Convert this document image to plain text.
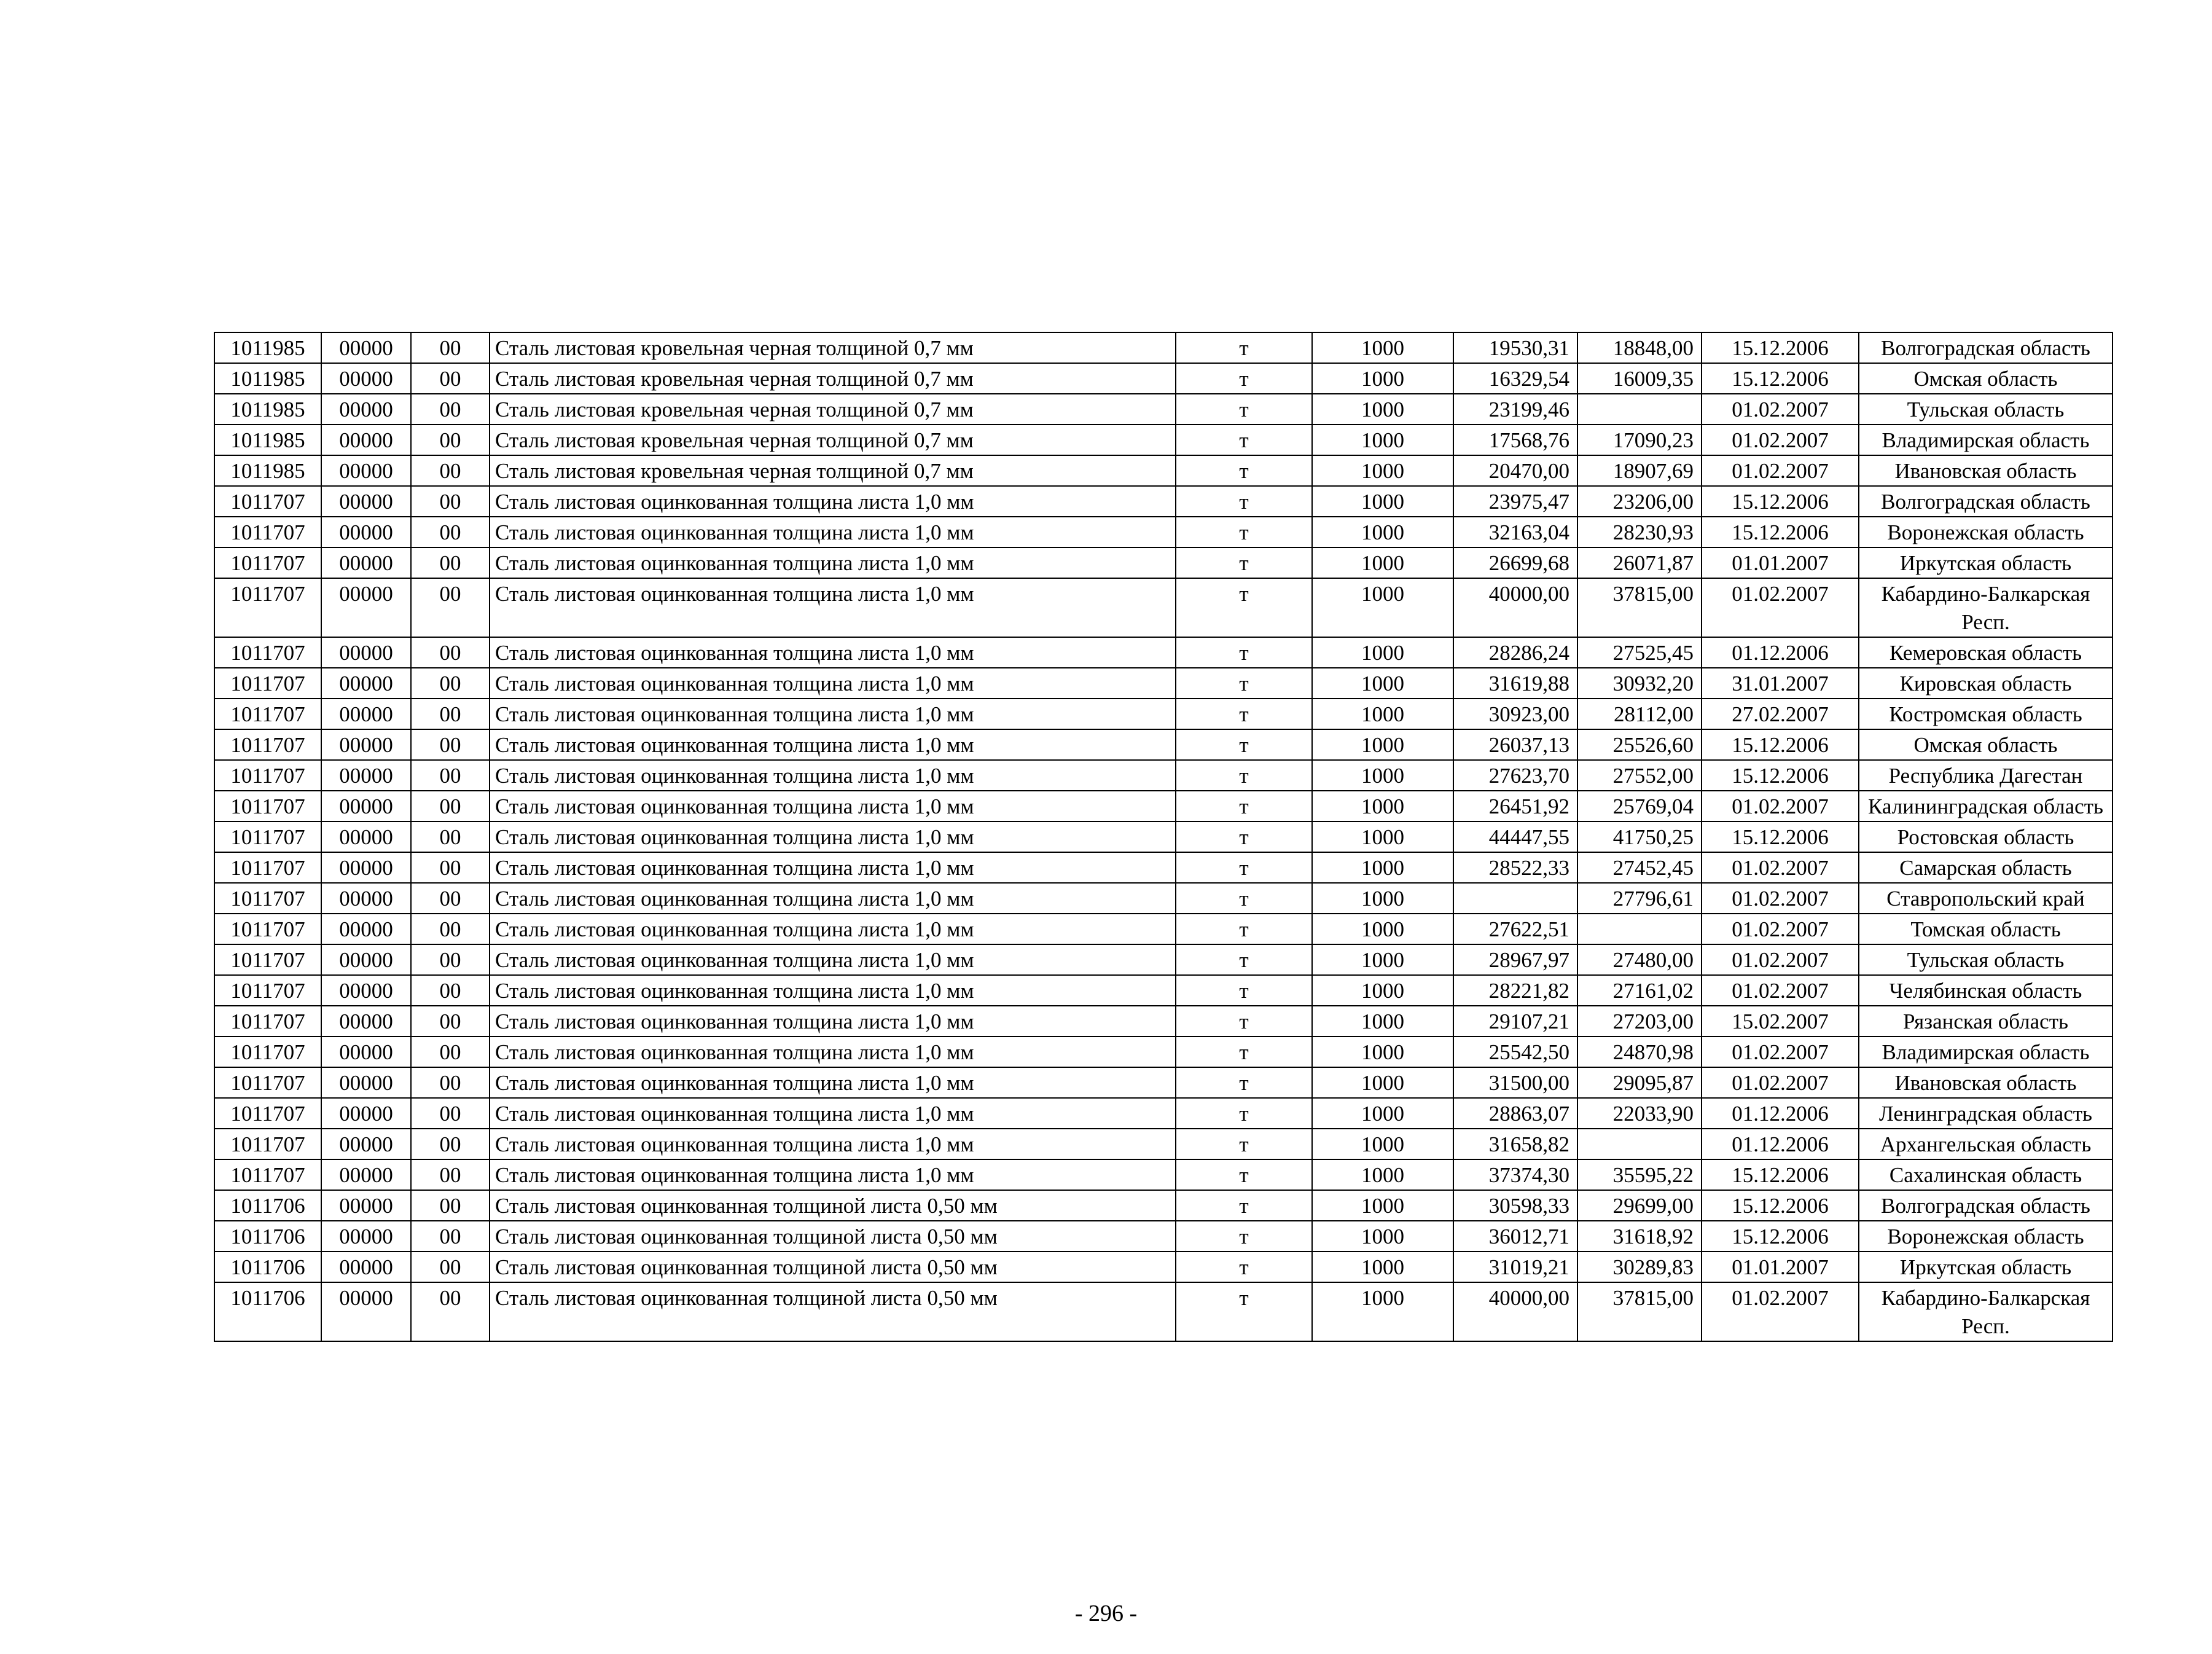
1011985	00000	00	Сталь листовая кровельная черная толщиной 0,7 мм	т	1000	19530,31	18848,00	15.12.2006	Волгоградская область
1011985	00000	00	Сталь листовая кровельная черная толщиной 0,7 мм	т	1000	16329,54	16009,35	15.12.2006	Омская область
1011985	00000	00	Сталь листовая кровельная черная толщиной 0,7 мм	т	1000	23199,46		01.02.2007	Тульская область
1011985	00000	00	Сталь листовая кровельная черная толщиной 0,7 мм	т	1000	17568,76	17090,23	01.02.2007	Владимирская область
1011985	00000	00	Сталь листовая кровельная черная толщиной 0,7 мм	т	1000	20470,00	18907,69	01.02.2007	Ивановская область
1011707	00000	00	Сталь листовая оцинкованная толщина листа 1,0 мм	т	1000	23975,47	23206,00	15.12.2006	Волгоградская область
1011707	00000	00	Сталь листовая оцинкованная толщина листа 1,0 мм	т	1000	32163,04	28230,93	15.12.2006	Воронежская область
1011707	00000	00	Сталь листовая оцинкованная толщина листа 1,0 мм	т	1000	26699,68	26071,87	01.01.2007	Иркутская область
1011707	00000	00	Сталь листовая оцинкованная толщина листа 1,0 мм	т	1000	40000,00	37815,00	01.02.2007	Кабардино-Балкарская Респ.
1011707	00000	00	Сталь листовая оцинкованная толщина листа 1,0 мм	т	1000	28286,24	27525,45	01.12.2006	Кемеровская область
1011707	00000	00	Сталь листовая оцинкованная толщина листа 1,0 мм	т	1000	31619,88	30932,20	31.01.2007	Кировская область
1011707	00000	00	Сталь листовая оцинкованная толщина листа 1,0 мм	т	1000	30923,00	28112,00	27.02.2007	Костромская область
1011707	00000	00	Сталь листовая оцинкованная толщина листа 1,0 мм	т	1000	26037,13	25526,60	15.12.2006	Омская область
1011707	00000	00	Сталь листовая оцинкованная толщина листа 1,0 мм	т	1000	27623,70	27552,00	15.12.2006	Республика Дагестан
1011707	00000	00	Сталь листовая оцинкованная толщина листа 1,0 мм	т	1000	26451,92	25769,04	01.02.2007	Калининградская область
1011707	00000	00	Сталь листовая оцинкованная толщина листа 1,0 мм	т	1000	44447,55	41750,25	15.12.2006	Ростовская область
1011707	00000	00	Сталь листовая оцинкованная толщина листа 1,0 мм	т	1000	28522,33	27452,45	01.02.2007	Самарская область
1011707	00000	00	Сталь листовая оцинкованная толщина листа 1,0 мм	т	1000		27796,61	01.02.2007	Ставропольский край
1011707	00000	00	Сталь листовая оцинкованная толщина листа 1,0 мм	т	1000	27622,51		01.02.2007	Томская область
1011707	00000	00	Сталь листовая оцинкованная толщина листа 1,0 мм	т	1000	28967,97	27480,00	01.02.2007	Тульская область
1011707	00000	00	Сталь листовая оцинкованная толщина листа 1,0 мм	т	1000	28221,82	27161,02	01.02.2007	Челябинская область
1011707	00000	00	Сталь листовая оцинкованная толщина листа 1,0 мм	т	1000	29107,21	27203,00	15.02.2007	Рязанская область
1011707	00000	00	Сталь листовая оцинкованная толщина листа 1,0 мм	т	1000	25542,50	24870,98	01.02.2007	Владимирская область
1011707	00000	00	Сталь листовая оцинкованная толщина листа 1,0 мм	т	1000	31500,00	29095,87	01.02.2007	Ивановская область
1011707	00000	00	Сталь листовая оцинкованная толщина листа 1,0 мм	т	1000	28863,07	22033,90	01.12.2006	Ленинградская область
1011707	00000	00	Сталь листовая оцинкованная толщина листа 1,0 мм	т	1000	31658,82		01.12.2006	Архангельская область
1011707	00000	00	Сталь листовая оцинкованная толщина листа 1,0 мм	т	1000	37374,30	35595,22	15.12.2006	Сахалинская область
1011706	00000	00	Сталь листовая оцинкованная толщиной листа 0,50 мм	т	1000	30598,33	29699,00	15.12.2006	Волгоградская область
1011706	00000	00	Сталь листовая оцинкованная толщиной листа 0,50 мм	т	1000	36012,71	31618,92	15.12.2006	Воронежская область
1011706	00000	00	Сталь листовая оцинкованная толщиной листа 0,50 мм	т	1000	31019,21	30289,83	01.01.2007	Иркутская область
1011706	00000	00	Сталь листовая оцинкованная толщиной листа 0,50 мм	т	1000	40000,00	37815,00	01.02.2007	Кабардино-Балкарская Респ.
- 296 -
